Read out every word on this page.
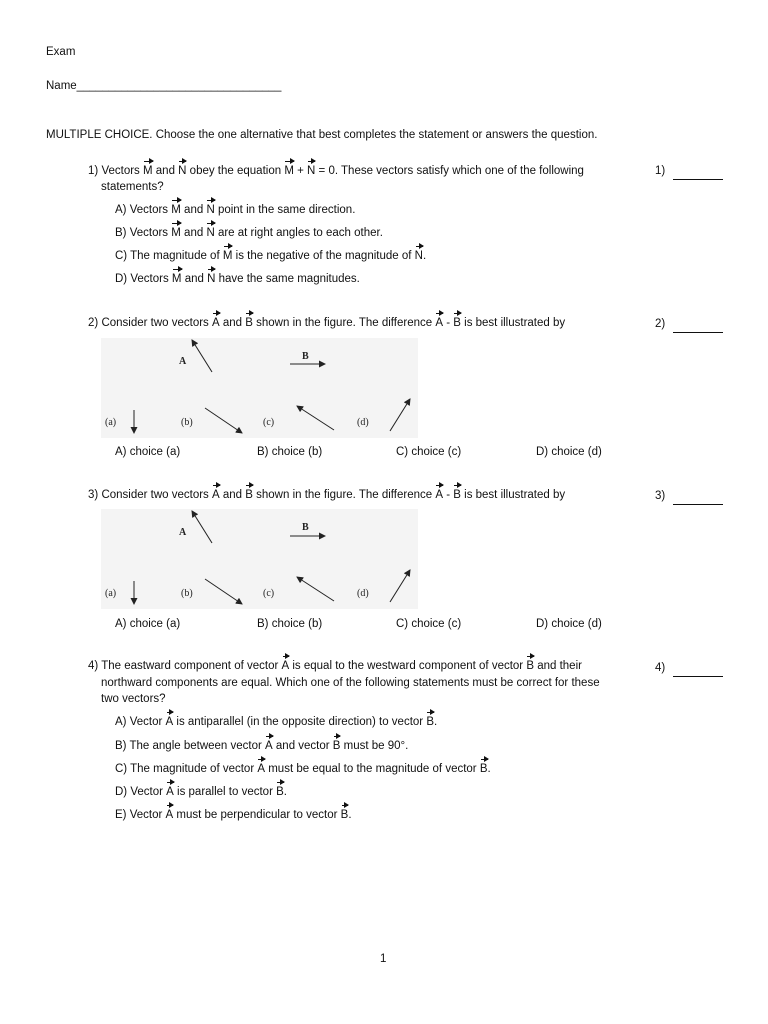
Exam
Name________________________________
MULTIPLE CHOICE. Choose the one alternative that best completes the statement or answers the question.
1) Vectors M and N obey the equation M + N = 0. These vectors satisfy which one of the following
statements?
1)
A) Vectors M and N point in the same direction.
B) Vectors M and N are at right angles to each other.
C) The magnitude of M is the negative of the magnitude of N.
D) Vectors M and N have the same magnitudes.
2) Consider two vectors A and B shown in the figure. The difference A - B is best illustrated by	2)
A	B
(a)	(b)	(c)	(d)
A) choice (a)	B) choice (b)	C) choice (c)	D) choice (d)
3) Consider two vectors A and B shown in the figure. The difference A - B is best illustrated by	3)
A	B
(a)	(b)	(c)	(d)
A) choice (a)	B) choice (b)	C) choice (c)	D) choice (d)
4) The eastward component of vector A is equal to the westward component of vector B and their
northward components are equal. Which one of the following statements must be correct for these
two vectors?
4)
A) Vector A is antiparallel (in the opposite direction) to vector B.
B) The angle between vector A and vector B must be 90°.
C) The magnitude of vector A must be equal to the magnitude of vector B.
D) Vector A is parallel to vector B.
E) Vector A must be perpendicular to vector B.
1
